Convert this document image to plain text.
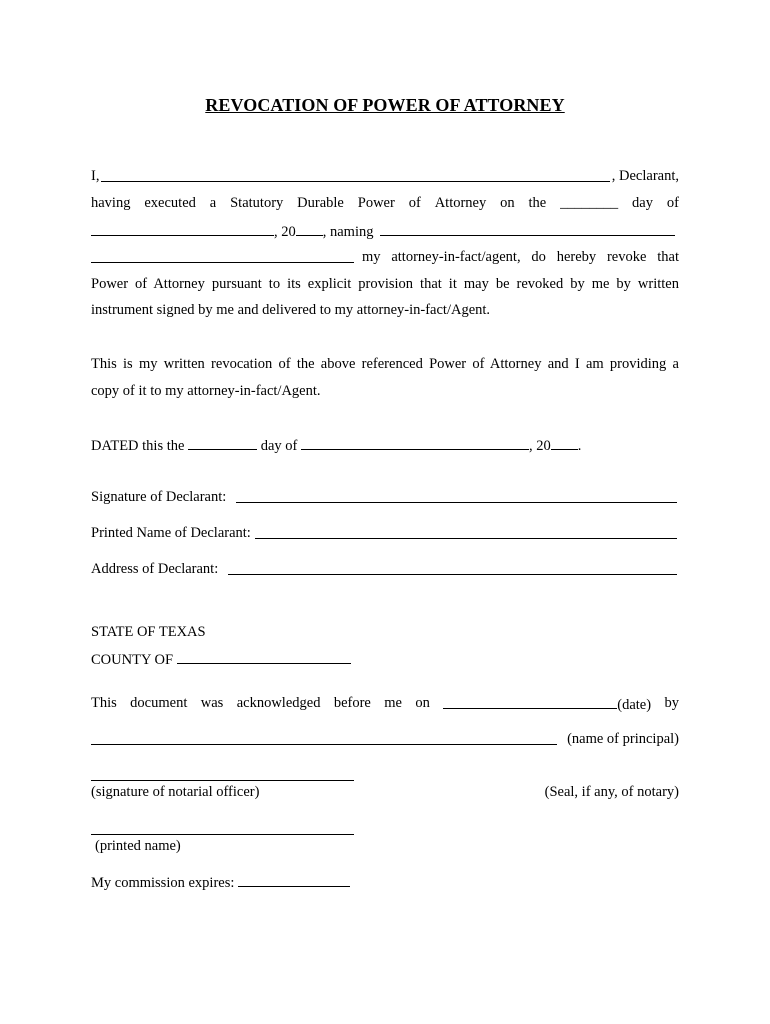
REVOCATION OF POWER OF ATTORNEY
I,	, Declarant,
having executed a Statutory Durable Power of Attorney on the ________ day of
, 20 , naming
my attorney-in-fact/agent, do hereby revoke that
Power of Attorney pursuant to its explicit provision that it may be revoked by me by written
instrument signed by me and delivered to my attorney-in-fact/Agent.
This is my written revocation of the above referenced Power of Attorney and I am providing a
copy of it to my attorney-in-fact/Agent.
DATED this the	day of	, 20 .
Signature of Declarant:
Printed Name of Declarant:
Address of Declarant:
STATE OF TEXAS
COUNTY OF
This document was acknowledged before me on	(date) by
(name of principal)
(signature of notarial officer)	(Seal, if any, of notary)
(printed name)
My commission expires:
